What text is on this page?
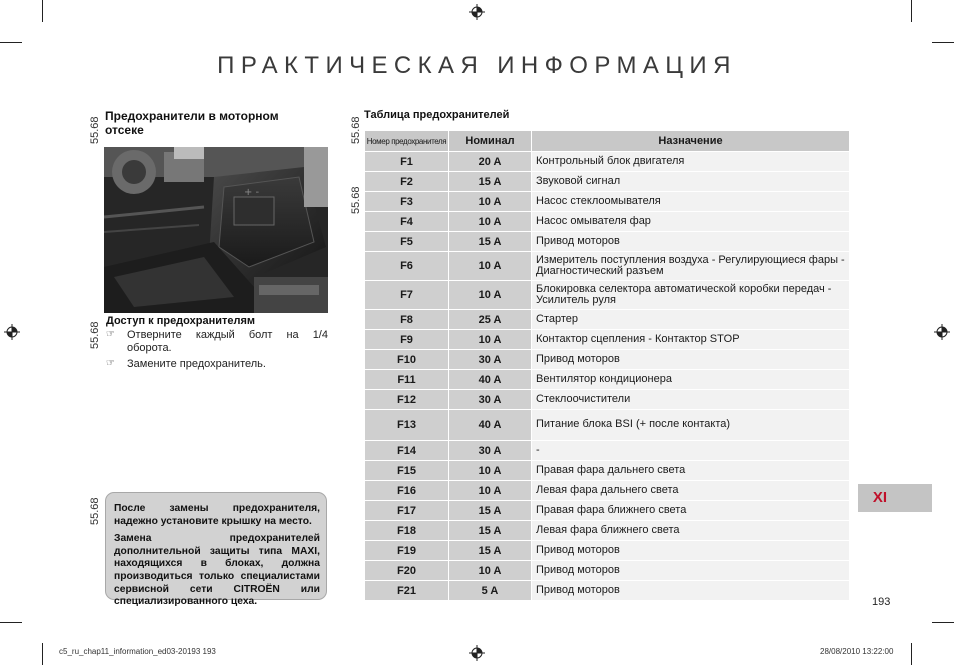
ПРАКТИЧЕСКАЯ ИНФОРМАЦИЯ
55.68
55.68
55.68
55.68
55.68
Предохранители в моторном отсеке
+ -
Доступ к предохранителям
☞ Отверните каждый болт на 1/4 оборота.
☞ Замените предохранитель.

После замены предохранителя, надежно установите крышку на место.

Замена предохранителей дополнительной защиты типа MAXI, находящихся в блоках, должна производиться только специалистами сервисной сети CITROËN или специализированного цеха.

Таблица предохранителей
Номер предохранителя	Номинал	Назначение
F1	20 A	Контрольный блок двигателя
F2	15 A	Звуковой сигнал
F3	10 A	Насос стеклоомывателя
F4	10 A	Насос омывателя фар
F5	15 A	Привод моторов
F6	10 A	Измеритель поступления воздуха - Регулирующиеся фары - Диагностический разъем
F7	10 A	Блокировка селектора автоматической коробки передач - Усилитель руля
F8	25 A	Стартер
F9	10 A	Контактор сцепления - Контактор STOP
F10	30 A	Привод моторов
F11	40 A	Вентилятор кондиционера
F12	30 A	Стеклоочистители
F13	40 A	Питание блока BSI (+ после контакта)
F14	30 A	-
F15	10 A	Правая фара дальнего света
F16	10 A	Левая фара дальнего света
F17	15 A	Правая фара ближнего света
F18	15 A	Левая фара ближнего света
F19	15 A	Привод моторов
F20	10 A	Привод моторов
F21	5 A	Привод моторов
XI
193
c5_ru_chap11_information_ed03-20193 193	28/08/2010 13:22:00
